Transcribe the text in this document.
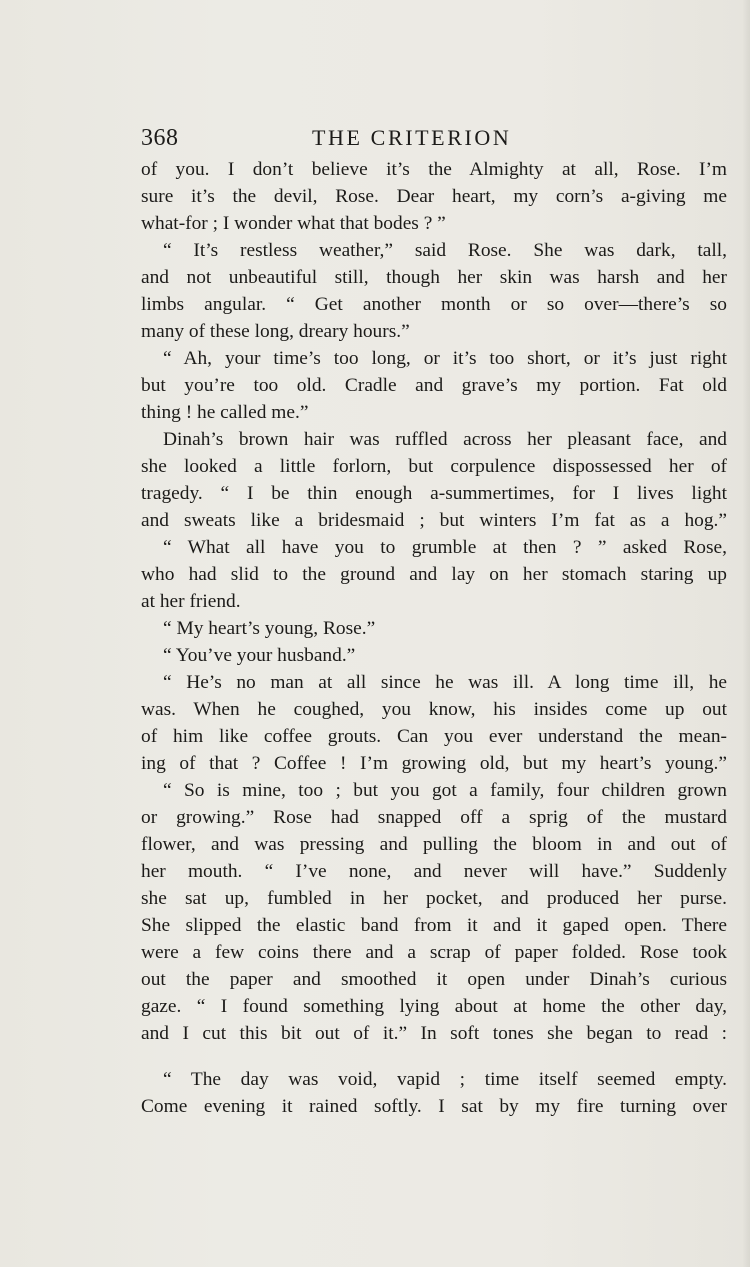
368	THE CRITERION
of you. I don’t believe it’s the Almighty at all, Rose. I’m
sure it’s the devil, Rose. Dear heart, my corn’s a-giving me
what-for ; I wonder what that bodes ? ”
“ It’s restless weather,” said Rose. She was dark, tall,
and not unbeautiful still, though her skin was harsh and her
limbs angular. “ Get another month or so over—there’s so
many of these long, dreary hours.”
“ Ah, your time’s too long, or it’s too short, or it’s just right
but you’re too old. Cradle and grave’s my portion. Fat old
thing ! he called me.”
Dinah’s brown hair was ruffled across her pleasant face, and
she looked a little forlorn, but corpulence dispossessed her of
tragedy. “ I be thin enough a-summertimes, for I lives light
and sweats like a bridesmaid ; but winters I’m fat as a hog.”
“ What all have you to grumble at then ? ” asked Rose,
who had slid to the ground and lay on her stomach staring up
at her friend.
“ My heart’s young, Rose.”
“ You’ve your husband.”
“ He’s no man at all since he was ill. A long time ill, he
was. When he coughed, you know, his insides come up out
of him like coffee grouts. Can you ever understand the mean-
ing of that ? Coffee ! I’m growing old, but my heart’s young.”
“ So is mine, too ; but you got a family, four children grown
or growing.” Rose had snapped off a sprig of the mustard
flower, and was pressing and pulling the bloom in and out of
her mouth. “ I’ve none, and never will have.” Suddenly
she sat up, fumbled in her pocket, and produced her purse.
She slipped the elastic band from it and it gaped open. There
were a few coins there and a scrap of paper folded. Rose took
out the paper and smoothed it open under Dinah’s curious
gaze. “ I found something lying about at home the other day,
and I cut this bit out of it.” In soft tones she began to read :
“ The day was void, vapid ; time itself seemed empty.
Come evening it rained softly. I sat by my fire turning over
